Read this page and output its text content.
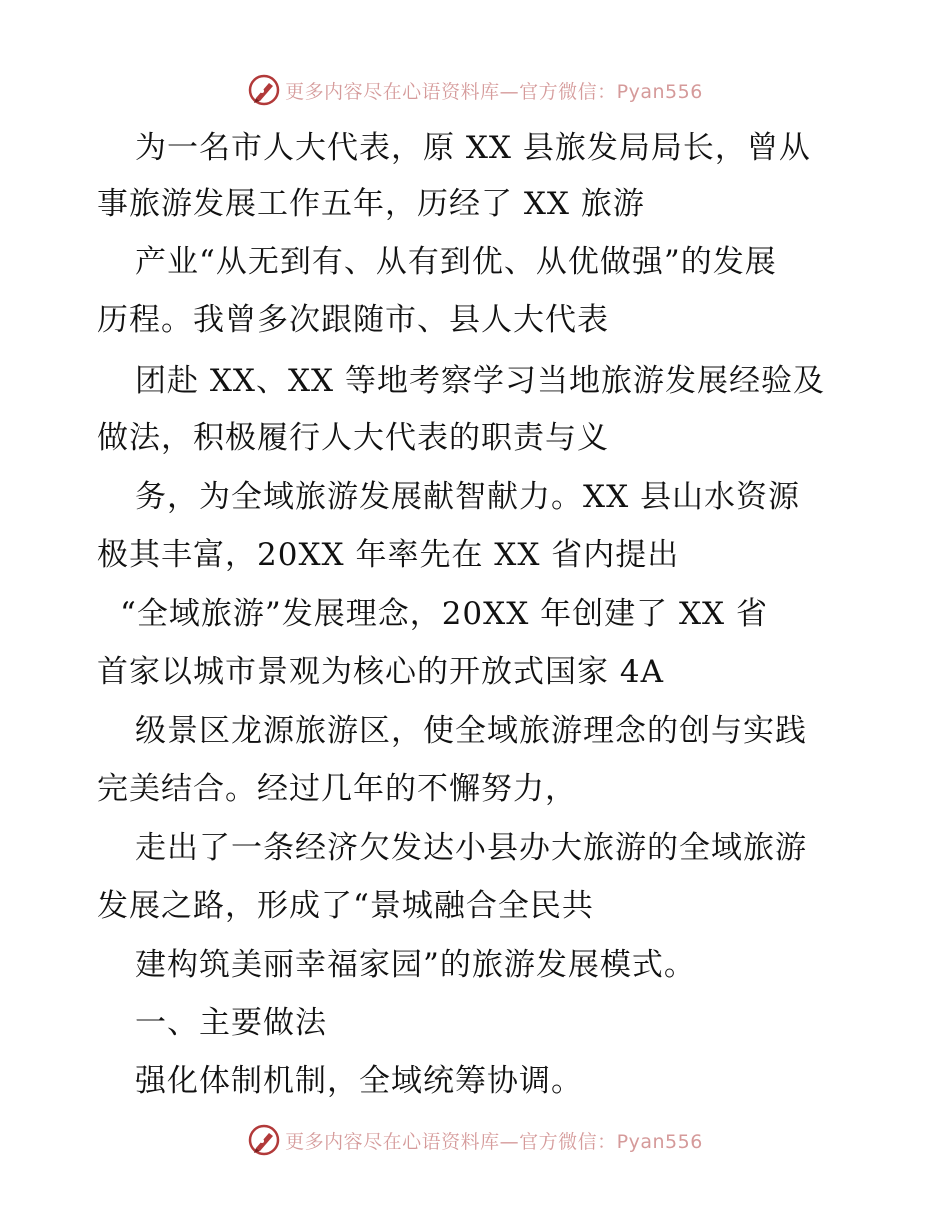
更多内容尽在心语资料库—官方微信：Pyan556
为一名市人大代表，原 XX 县旅发局局长，曾从
事旅游发展工作五年，历经了 XX 旅游
产业“从无到有、从有到优、从优做强”的发展
历程。我曾多次跟随市、县人大代表
团赴 XX、XX 等地考察学习当地旅游发展经验及
做法，积极履行人大代表的职责与义
务，为全域旅游发展献智献力。XX 县山水资源
极其丰富，20XX 年率先在 XX 省内提出
“全域旅游”发展理念，20XX 年创建了 XX 省
首家以城市景观为核心的开放式国家 4A
级景区龙源旅游区，使全域旅游理念的创与实践
完美结合。经过几年的不懈努力，
走出了一条经济欠发达小县办大旅游的全域旅游
发展之路，形成了“景城融合全民共
建构筑美丽幸福家园”的旅游发展模式。
一、主要做法
强化体制机制，全域统筹协调。
更多内容尽在心语资料库—官方微信：Pyan556
